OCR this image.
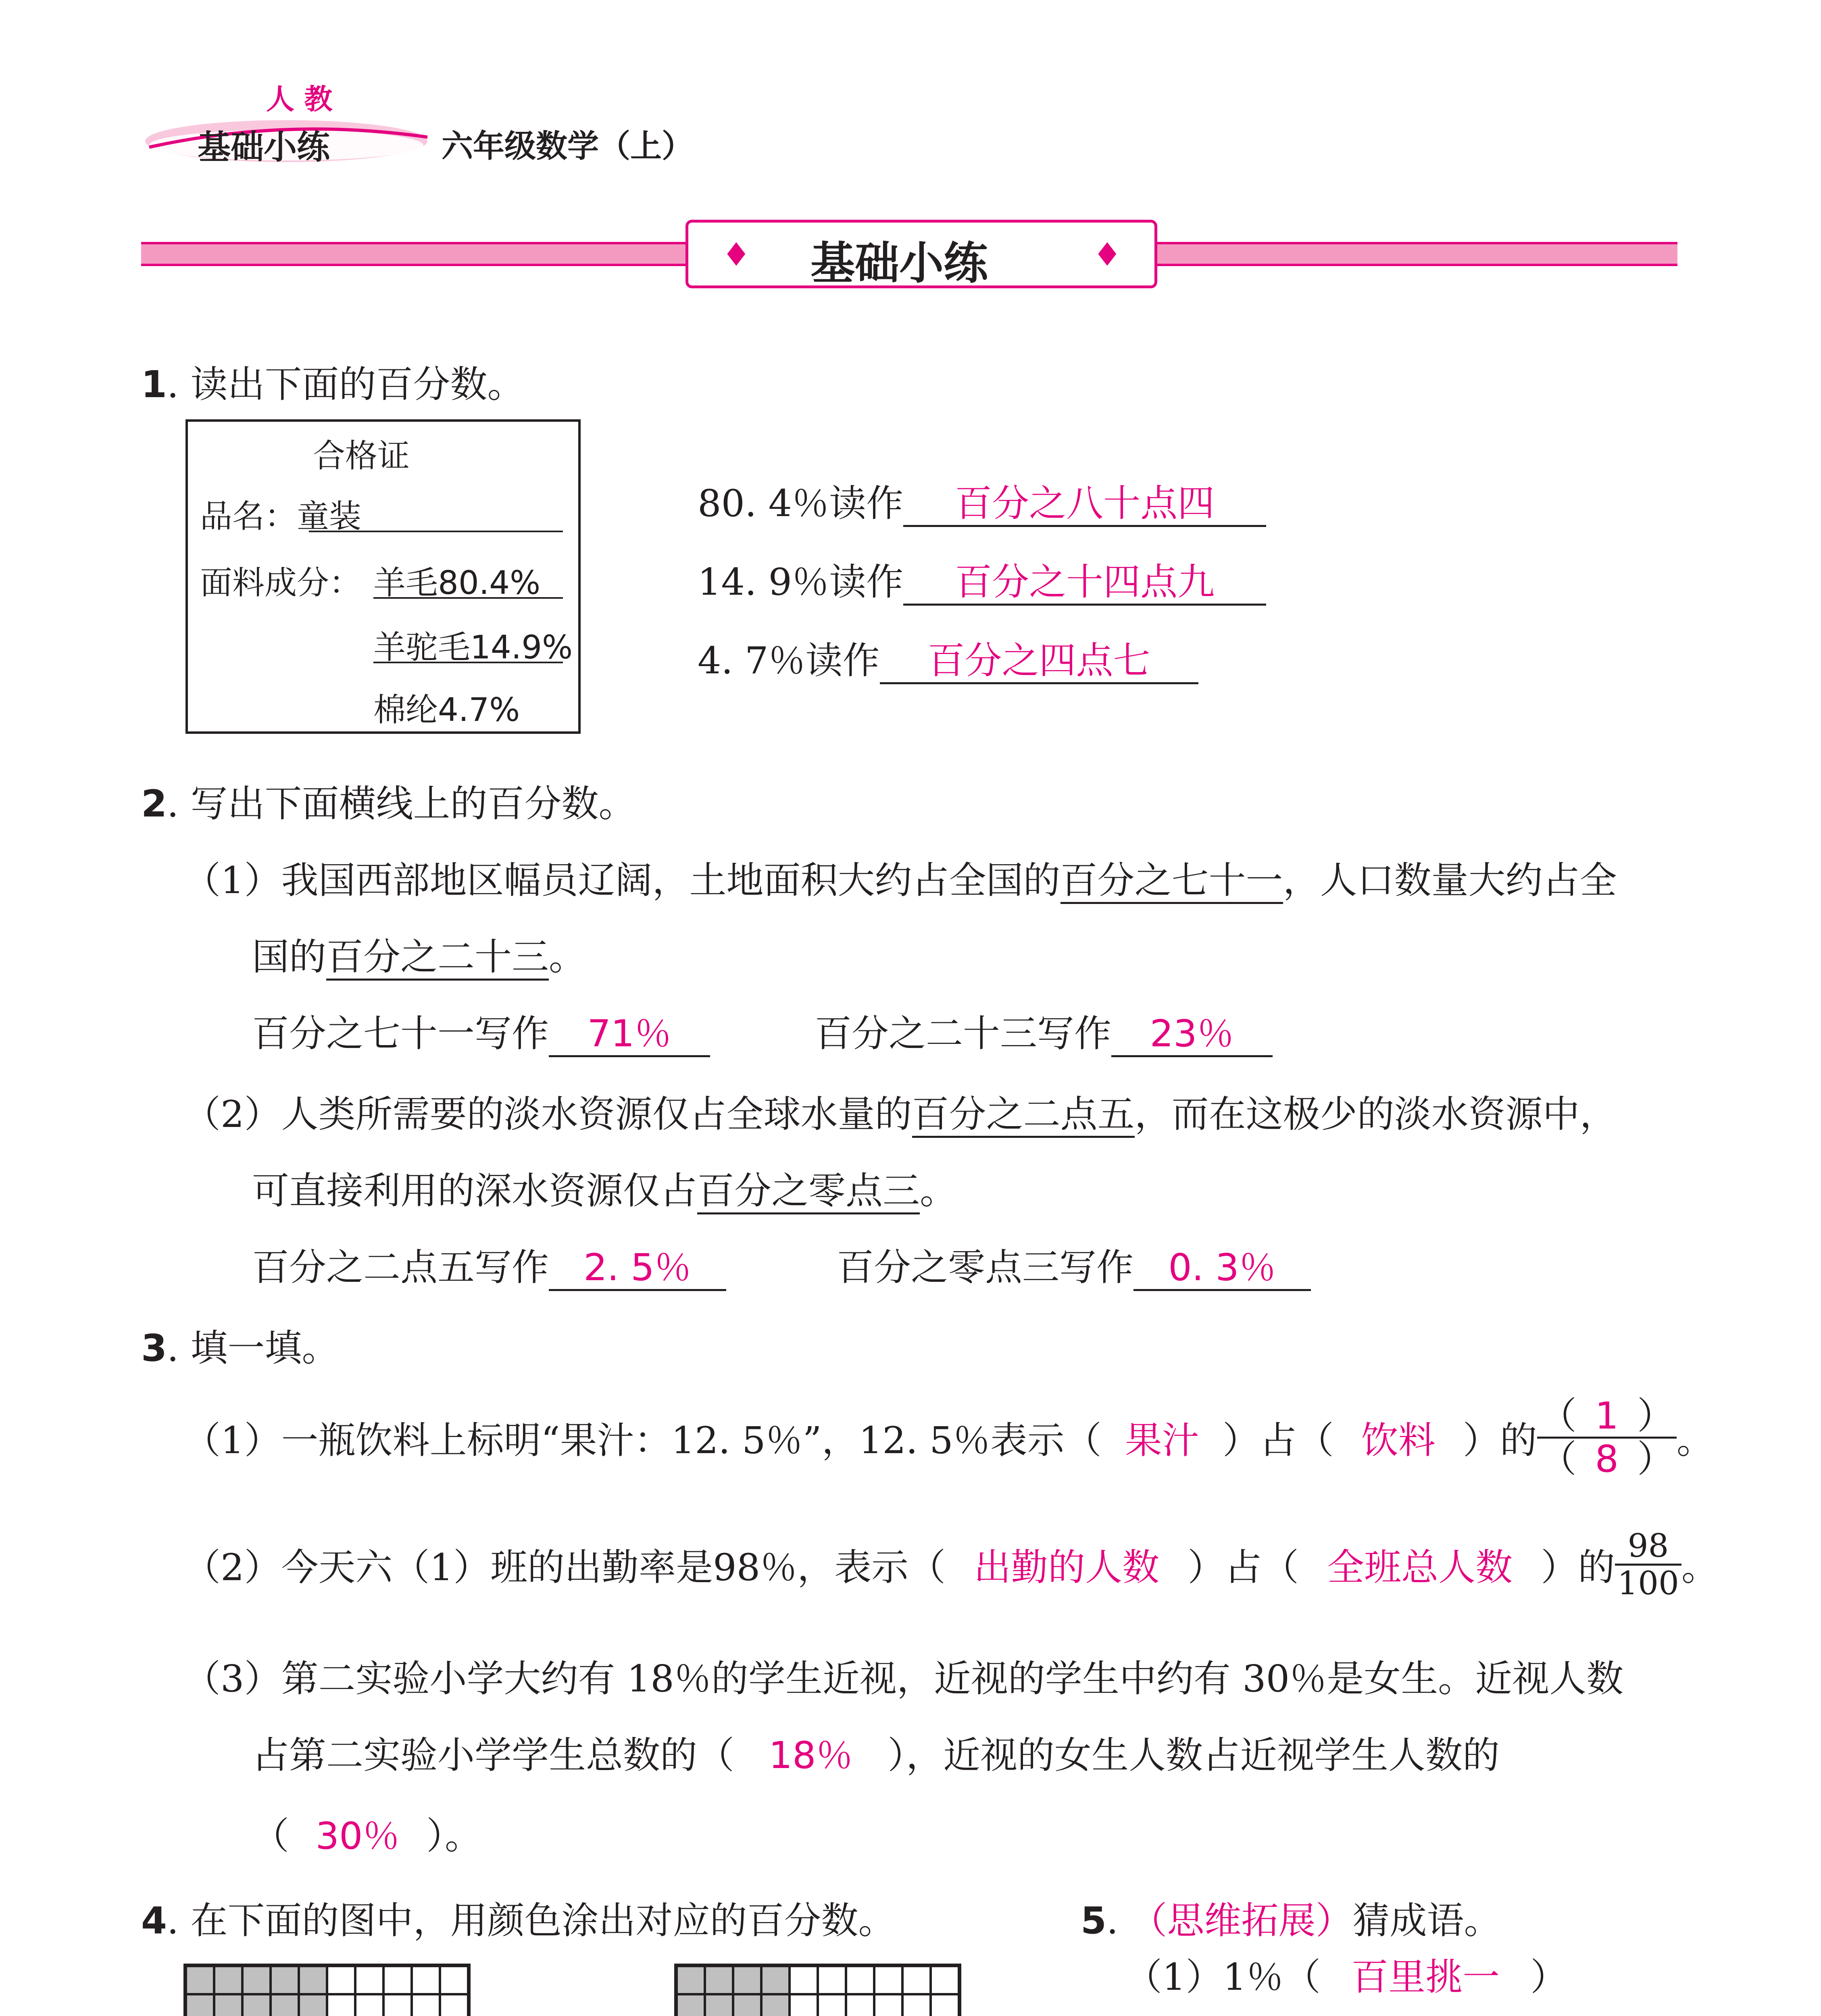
人 教
基础小练	六年级数学（上）
♦	♦
基础小练
1. 读出下面的百分数。
合格证
品名：童装
面料成分： 羊毛80.4%
羊驼毛14.9%
棉纶4.7%
80. 4％读作 百分之八十点四
14. 9％读作 百分之十四点九
4. 7％读作 百分之四点七
2. 写出下面横线上的百分数。
（1）我国西部地区幅员辽阔，土地面积大约占全国的百分之七十一，人口数量大约占全
国的百分之二十三。
百分之七十一写作 71％	百分之二十三写作 23％
（2）人类所需要的淡水资源仅占全球水量的百分之二点五，而在这极少的淡水资源中，
可直接利用的深水资源仅占百分之零点三。
百分之二点五写作 2. 5％	百分之零点三写作 0. 3％
3. 填一填。
（1）一瓶饮料上标明“果汁：12. 5％”，12. 5％表示（ 果汁 ）占（ 饮料 ）的 $\frac{( 1 )}{( 8 )}$ 。
（2）今天六（1）班的出勤率是98％，表示（ 出勤的人数 ）占（ 全班总人数 ）的 $\frac{98}{100}$ 。
（3）第二实验小学大约有 18％的学生近视，近视的学生中约有 30％是女生。近视人数
占第二实验小学学生总数的（ 18％ ），近视的女生人数占近视学生人数的
（ 30％ ）。
4. 在下面的图中，用颜色涂出对应的百分数。	5. （思维拓展）猜成语。
（1）1％（ 百里挑一 ）
